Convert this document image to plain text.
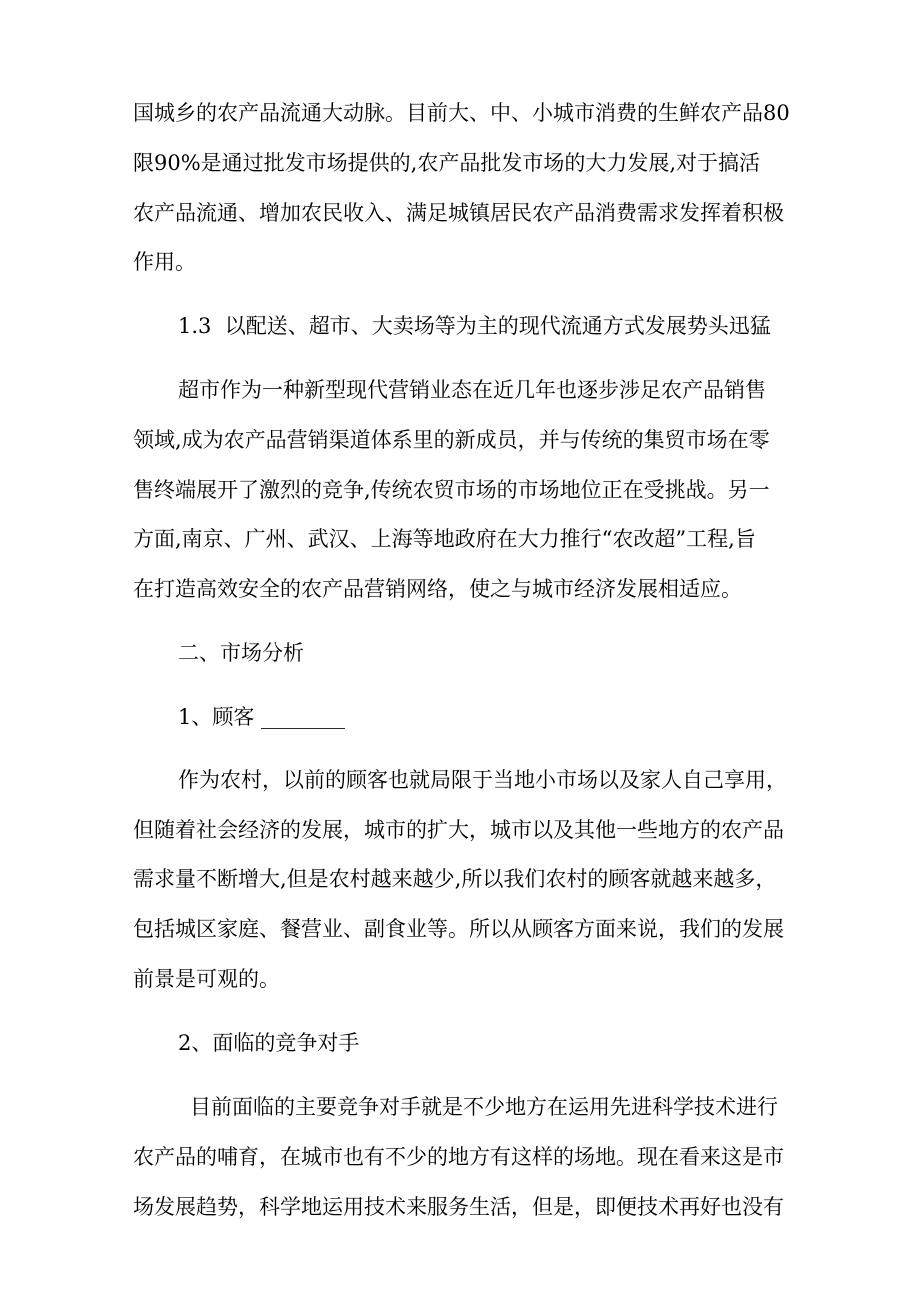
国城乡的农产品流通大动脉。目前大、中、小城市消费的生鲜农产品80
限90%是通过批发市场提供的,农产品批发市场的大力发展,对于搞活
农产品流通、增加农民收入、满足城镇居民农产品消费需求发挥着积极
作用。
1.3  以配送、超市、大卖场等为主的现代流通方式发展势头迅猛
超市作为一种新型现代营销业态在近几年也逐步涉足农产品销售
领域,成为农产品营销渠道体系里的新成员，并与传统的集贸市场在零
售终端展开了激烈的竞争,传统农贸市场的市场地位正在受挑战。另一
方面,南京、广州、武汉、上海等地政府在大力推行“农改超”工程,旨
在打造高效安全的农产品营销网络，使之与城市经济发展相适应。
二、市场分析
1、顾客 ________
作为农村，以前的顾客也就局限于当地小市场以及家人自己享用，
但随着社会经济的发展，城市的扩大，城市以及其他一些地方的农产品
需求量不断增大,但是农村越来越少,所以我们农村的顾客就越来越多，
包括城区家庭、餐营业、副食业等。所以从顾客方面来说，我们的发展
前景是可观的。
2、面临的竞争对手
目前面临的主要竞争对手就是不少地方在运用先进科学技术进行
农产品的哺育，在城市也有不少的地方有这样的场地。现在看来这是市
场发展趋势，科学地运用技术来服务生活，但是，即便技术再好也没有
